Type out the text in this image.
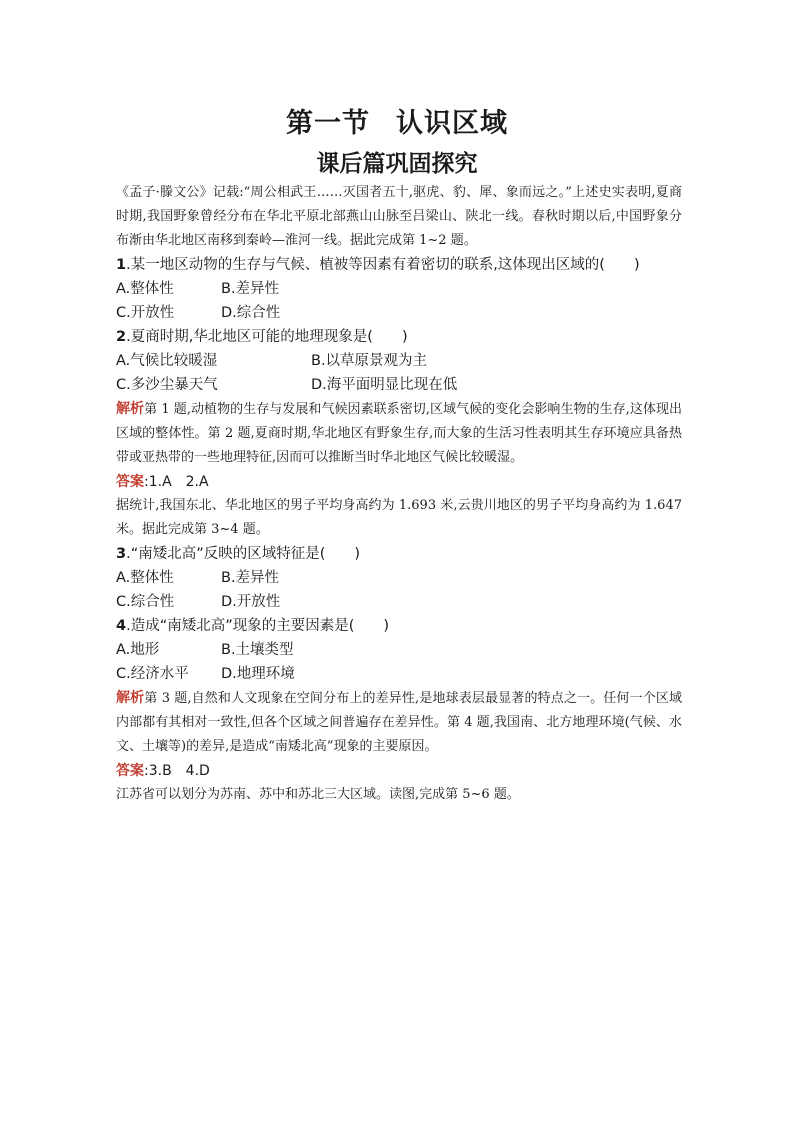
第一节 认识区域
课后篇巩固探究

《孟子·滕文公》记载:“周公相武王……灭国者五十,驱虎、豹、犀、象而远之。”上述史实表明,夏商时期,我国野象曾经分布在华北平原北部燕山山脉至吕梁山、陕北一线。春秋时期以后,中国野象分布渐由华北地区南移到秦岭—淮河一线。据此完成第 1~2 题。

1.某一地区动物的生存与气候、植被等因素有着密切的联系,这体现出区域的(　　)

A.整体性	B.差异性
C.开放性	D.综合性

2.夏商时期,华北地区可能的地理现象是(　　)

A.气候比较暖湿	B.以草原景观为主
C.多沙尘暴天气	D.海平面明显比现在低

解析第 1 题,动植物的生存与发展和气候因素联系密切,区域气候的变化会影响生物的生存,这体现出区域的整体性。第 2 题,夏商时期,华北地区有野象生存,而大象的生活习性表明其生存环境应具备热带或亚热带的一些地理特征,因而可以推断当时华北地区气候比较暖湿。

答案:1.A　2.A

据统计,我国东北、华北地区的男子平均身高约为 1.693 米,云贵川地区的男子平均身高约为 1.647 米。据此完成第 3~4 题。

3.“南矮北高”反映的区域特征是(　　)

A.整体性	B.差异性
C.综合性	D.开放性

4.造成“南矮北高”现象的主要因素是(　　)

A.地形	B.土壤类型
C.经济水平	D.地理环境

解析第 3 题,自然和人文现象在空间分布上的差异性,是地球表层最显著的特点之一。任何一个区域内部都有其相对一致性,但各个区域之间普遍存在差异性。第 4 题,我国南、北方地理环境(气候、水文、土壤等)的差异,是造成“南矮北高”现象的主要原因。

答案:3.B　4.D

江苏省可以划分为苏南、苏中和苏北三大区域。读图,完成第 5~6 题。
